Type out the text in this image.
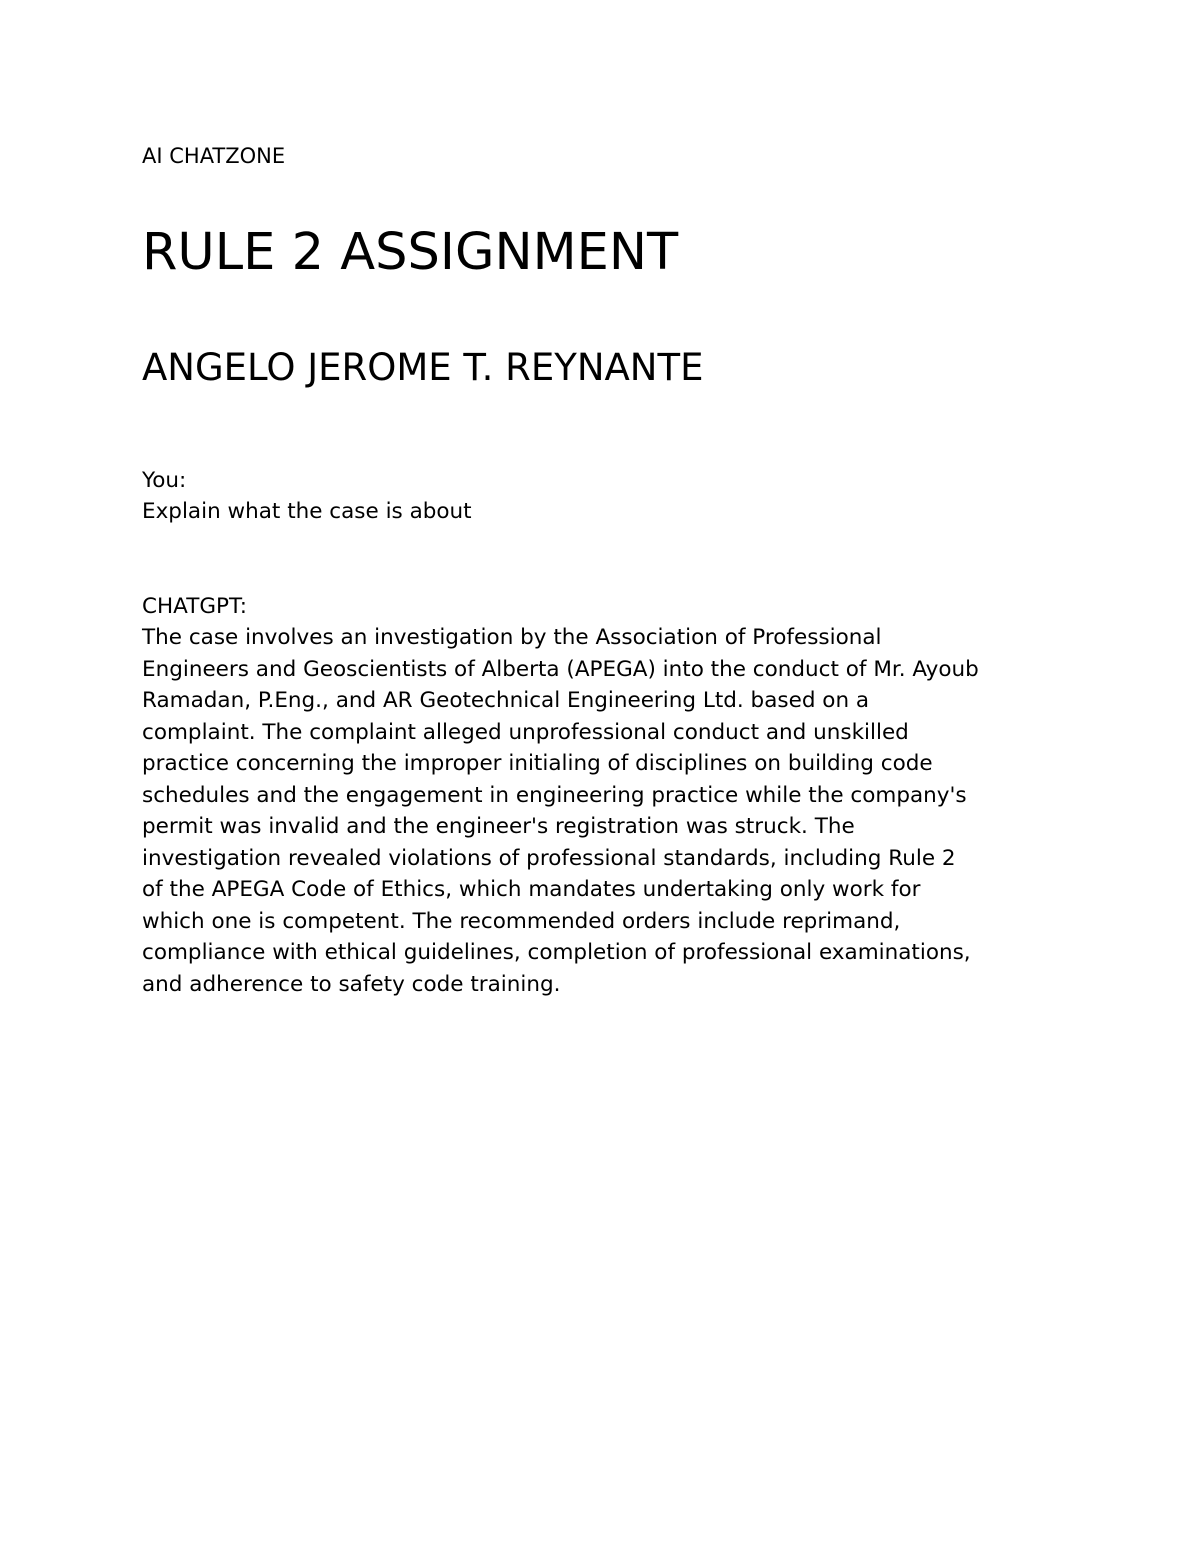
AI CHATZONE
RULE 2 ASSIGNMENT
ANGELO JEROME T. REYNANTE
You:
Explain what the case is about
CHATGPT:
The case involves an investigation by the Association of Professional
Engineers and Geoscientists of Alberta (APEGA) into the conduct of Mr. Ayoub
Ramadan, P.Eng., and AR Geotechnical Engineering Ltd. based on a
complaint. The complaint alleged unprofessional conduct and unskilled
practice concerning the improper initialing of disciplines on building code
schedules and the engagement in engineering practice while the company's
permit was invalid and the engineer's registration was struck. The
investigation revealed violations of professional standards, including Rule 2
of the APEGA Code of Ethics, which mandates undertaking only work for
which one is competent. The recommended orders include reprimand,
compliance with ethical guidelines, completion of professional examinations,
and adherence to safety code training.
